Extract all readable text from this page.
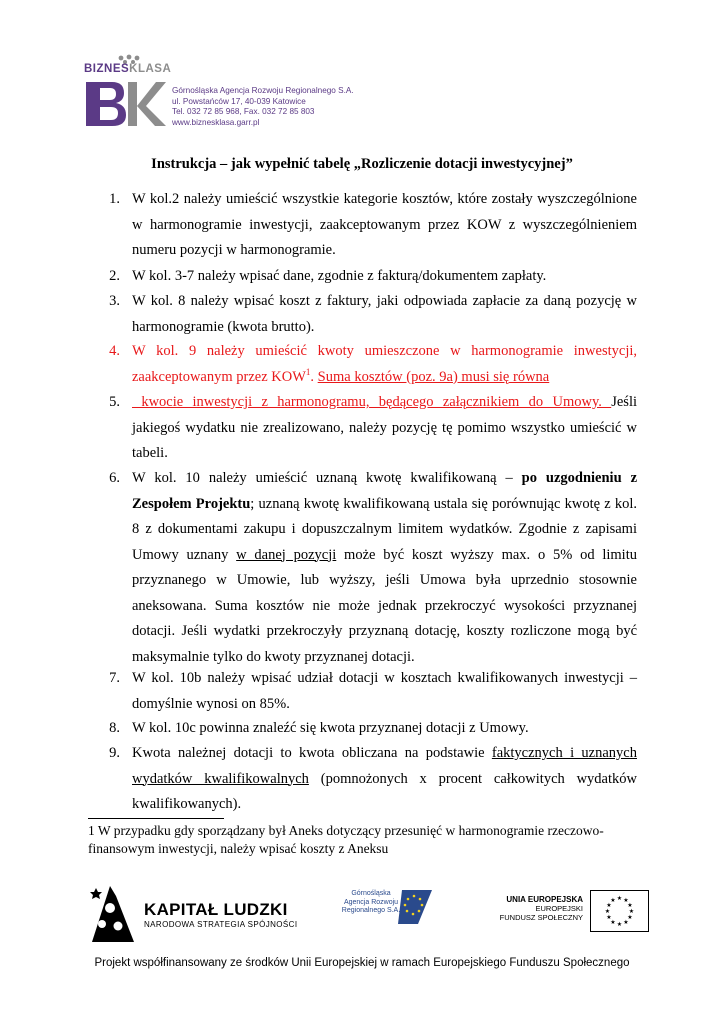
BIZNESKLASA
Górnośląska Agencja Rozwoju Regionalnego S.A.
ul. Powstańców 17, 40-039 Katowice
Tel. 032 72 85 968, Fax. 032 72 85 803
www.biznesklasa.garr.pl
Instrukcja – jak wypełnić tabelę „Rozliczenie dotacji inwestycyjnej”
1. W kol.2 należy umieścić wszystkie kategorie kosztów, które zostały wyszczególnione
w harmonogramie inwestycji, zaakceptowanym przez KOW z wyszczególnieniem
numeru pozycji w harmonogramie.
2. W kol. 3-7 należy wpisać dane, zgodnie z fakturą/dokumentem zapłaty.
3. W kol. 8 należy wpisać koszt z faktury, jaki odpowiada zapłacie za daną pozycję w
harmonogramie (kwota brutto).
4. W kol. 9 należy umieścić kwoty umieszczone w harmonogramie inwestycji,
zaakceptowanym przez KOW$^1$. Suma kosztów (poz. 9a) musi się równa
5. kwocie inwestycji z harmonogramu, będącego załącznikiem do Umowy. Jeśli
jakiegoś wydatku nie zrealizowano, należy pozycję tę pomimo wszystko umieścić w
tabeli.
6. W kol. 10 należy umieścić uznaną kwotę kwalifikowaną – po uzgodnieniu z
Zespołem Projektu; uznaną kwotę kwalifikowaną ustala się porównując kwotę z kol.
8 z dokumentami zakupu i dopuszczalnym limitem wydatków. Zgodnie z zapisami
Umowy uznany w danej pozycji może być koszt wyższy max. o 5% od limitu
przyznanego w Umowie, lub wyższy, jeśli Umowa była uprzednio stosownie
aneksowana. Suma kosztów nie może jednak przekroczyć wysokości przyznanej
dotacji. Jeśli wydatki przekroczyły przyznaną dotację, koszty rozliczone mogą być
maksymalnie tylko do kwoty przyznanej dotacji.
7. W kol. 10b należy wpisać udział dotacji w kosztach kwalifikowanych inwestycji –
domyślnie wynosi on 85%.
8. W kol. 10c powinna znaleźć się kwota przyznanej dotacji z Umowy.
9. Kwota należnej dotacji to kwota obliczana na podstawie faktycznych i uznanych
wydatków kwalifikowalnych (pomnożonych x procent całkowitych wydatków
kwalifikowanych).
1 W przypadku gdy sporządzany był Aneks dotyczący przesunięć w harmonogramie rzeczowo-finansowym inwestycji, należy wpisać koszty z Aneksu
KAPITAŁ LUDZKI
NARODOWA STRATEGIA SPÓJNOŚCI
Górnośląska Agencja Rozwoju Regionalnego S.A.
UNIA EUROPEJSKA
EUROPEJSKI
FUNDUSZ SPOŁECZNY
★ ★
★
★
★
★
★
★
★
★
★
★
Projekt współfinansowany ze środków Unii Europejskiej w ramach Europejskiego Funduszu Społecznego
